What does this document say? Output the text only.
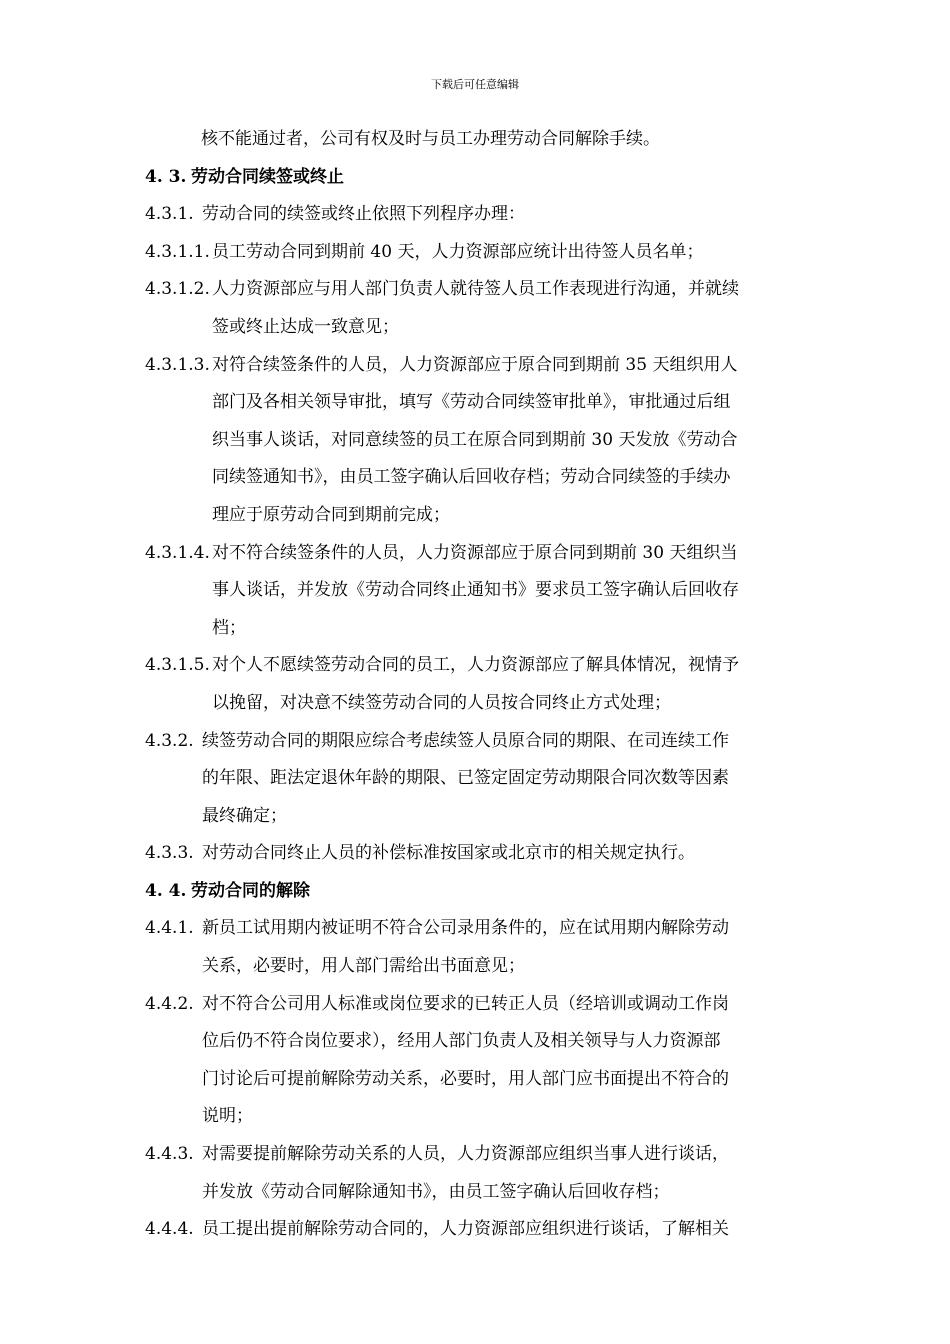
下载后可任意编辑
核不能通过者，公司有权及时与员工办理劳动合同解除手续。
4. 3. 劳动合同续签或终止
4.3.1. 劳动合同的续签或终止依照下列程序办理：
4.3.1.1. 员工劳动合同到期前 40 天，人力资源部应统计出待签人员名单；
4.3.1.2. 人力资源部应与用人部门负责人就待签人员工作表现进行沟通，并就续
签或终止达成一致意见；
4.3.1.3. 对符合续签条件的人员，人力资源部应于原合同到期前 35 天组织用人
部门及各相关领导审批，填写《劳动合同续签审批单》，审批通过后组
织当事人谈话，对同意续签的员工在原合同到期前 30 天发放《劳动合
同续签通知书》，由员工签字确认后回收存档；劳动合同续签的手续办
理应于原劳动合同到期前完成；
4.3.1.4. 对不符合续签条件的人员，人力资源部应于原合同到期前 30 天组织当
事人谈话，并发放《劳动合同终止通知书》要求员工签字确认后回收存
档；
4.3.1.5. 对个人不愿续签劳动合同的员工，人力资源部应了解具体情况，视情予
以挽留，对决意不续签劳动合同的人员按合同终止方式处理；
4.3.2. 续签劳动合同的期限应综合考虑续签人员原合同的期限、在司连续工作
的年限、距法定退休年龄的期限、已签定固定劳动期限合同次数等因素
最终确定；
4.3.3. 对劳动合同终止人员的补偿标准按国家或北京市的相关规定执行。
4. 4. 劳动合同的解除
4.4.1. 新员工试用期内被证明不符合公司录用条件的，应在试用期内解除劳动
关系，必要时，用人部门需给出书面意见；
4.4.2. 对不符合公司用人标准或岗位要求的已转正人员（经培训或调动工作岗
位后仍不符合岗位要求），经用人部门负责人及相关领导与人力资源部
门讨论后可提前解除劳动关系，必要时，用人部门应书面提出不符合的
说明；
4.4.3. 对需要提前解除劳动关系的人员，人力资源部应组织当事人进行谈话，
并发放《劳动合同解除通知书》，由员工签字确认后回收存档；
4.4.4. 员工提出提前解除劳动合同的，人力资源部应组织进行谈话，了解相关
